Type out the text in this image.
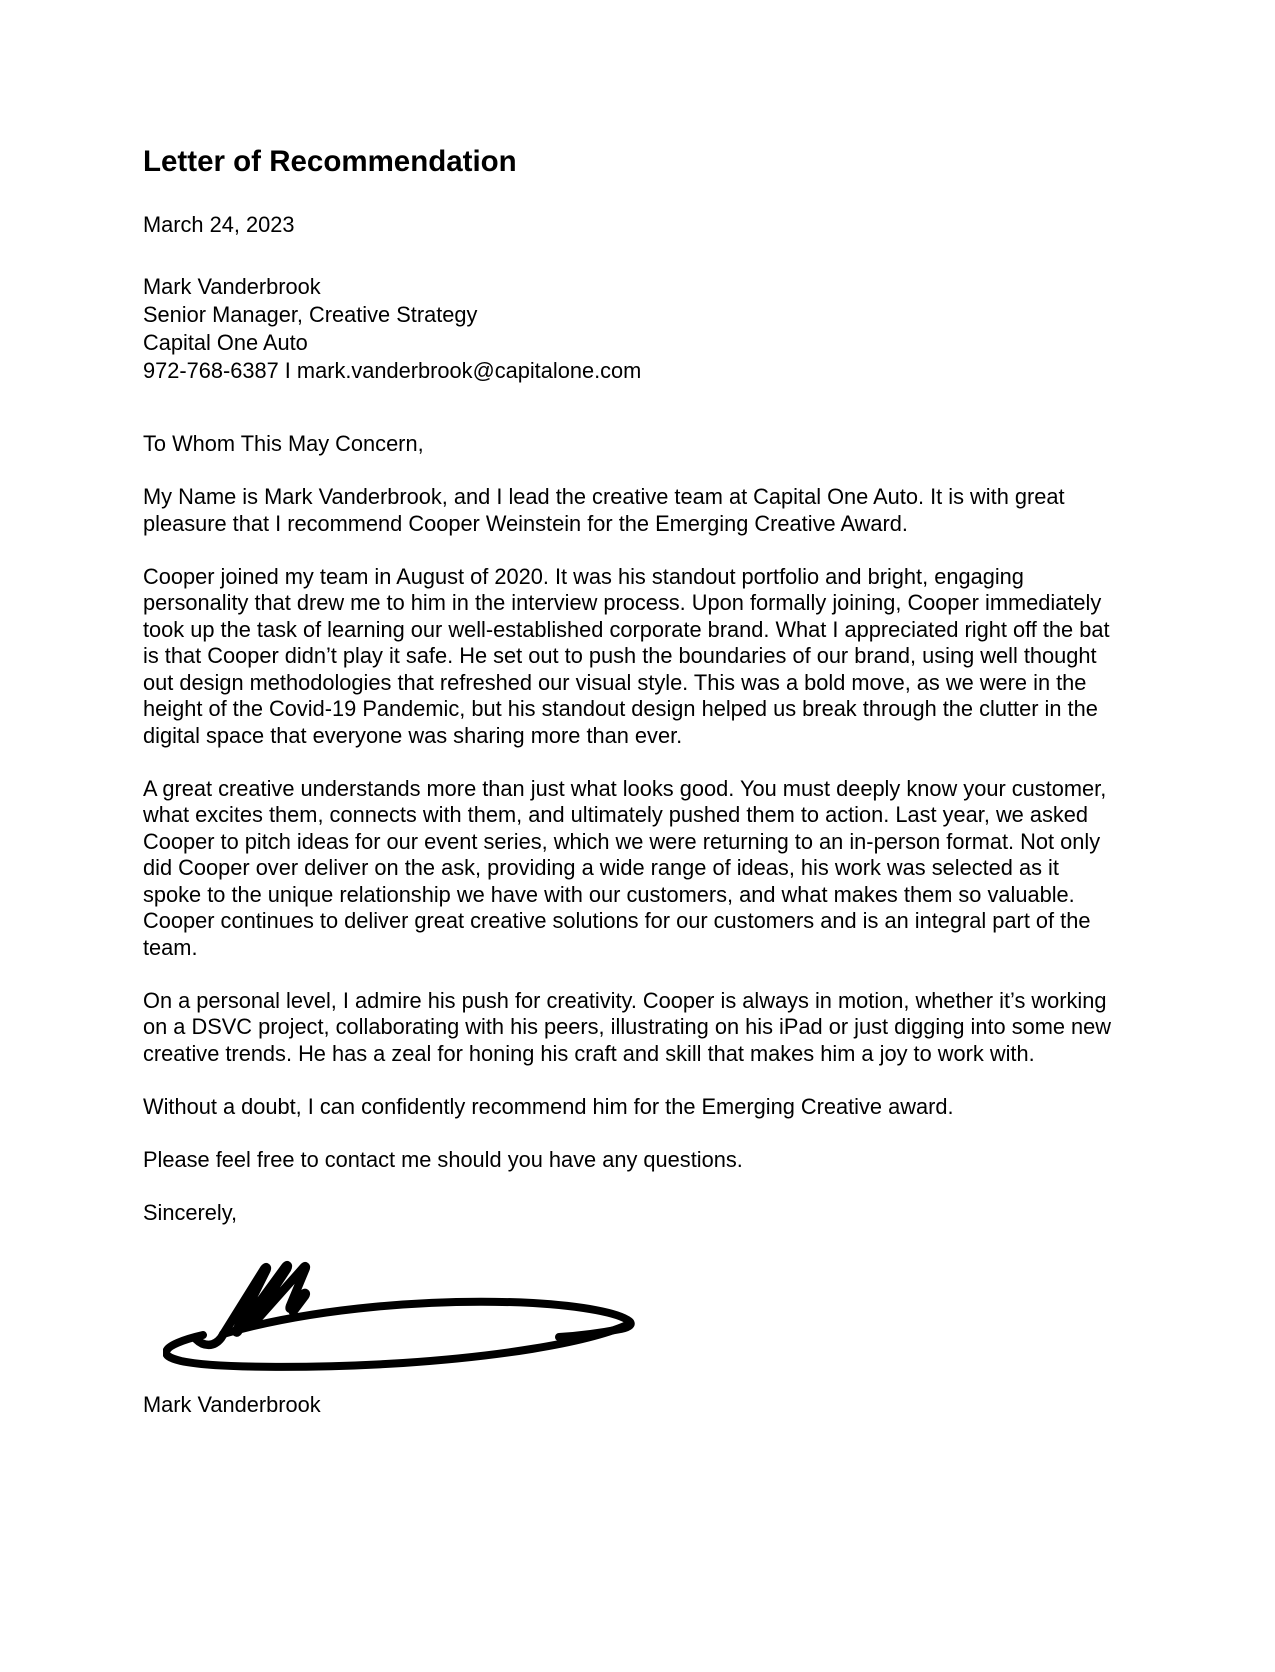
Letter of Recommendation

March 24, 2023

Mark Vanderbrook
Senior Manager, Creative Strategy
Capital One Auto
972-768-6387 I mark.vanderbrook@capitalone.com

To Whom This May Concern,

My Name is Mark Vanderbrook, and I lead the creative team at Capital One Auto. It is with great pleasure that I recommend Cooper Weinstein for the Emerging Creative Award.

Cooper joined my team in August of 2020. It was his standout portfolio and bright, engaging personality that drew me to him in the interview process. Upon formally joining, Cooper immediately took up the task of learning our well-established corporate brand. What I appreciated right off the bat is that Cooper didn’t play it safe. He set out to push the boundaries of our brand, using well thought out design methodologies that refreshed our visual style. This was a bold move, as we were in the height of the Covid-19 Pandemic, but his standout design helped us break through the clutter in the digital space that everyone was sharing more than ever.

A great creative understands more than just what looks good. You must deeply know your customer, what excites them, connects with them, and ultimately pushed them to action. Last year, we asked Cooper to pitch ideas for our event series, which we were returning to an in-person format. Not only did Cooper over deliver on the ask, providing a wide range of ideas, his work was selected as it spoke to the unique relationship we have with our customers, and what makes them so valuable. Cooper continues to deliver great creative solutions for our customers and is an integral part of the team.

On a personal level, I admire his push for creativity. Cooper is always in motion, whether it’s working on a DSVC project, collaborating with his peers, illustrating on his iPad or just digging into some new creative trends. He has a zeal for honing his craft and skill that makes him a joy to work with.

Without a doubt, I can confidently recommend him for the Emerging Creative award.

Please feel free to contact me should you have any questions.

Sincerely,

Mark Vanderbrook
